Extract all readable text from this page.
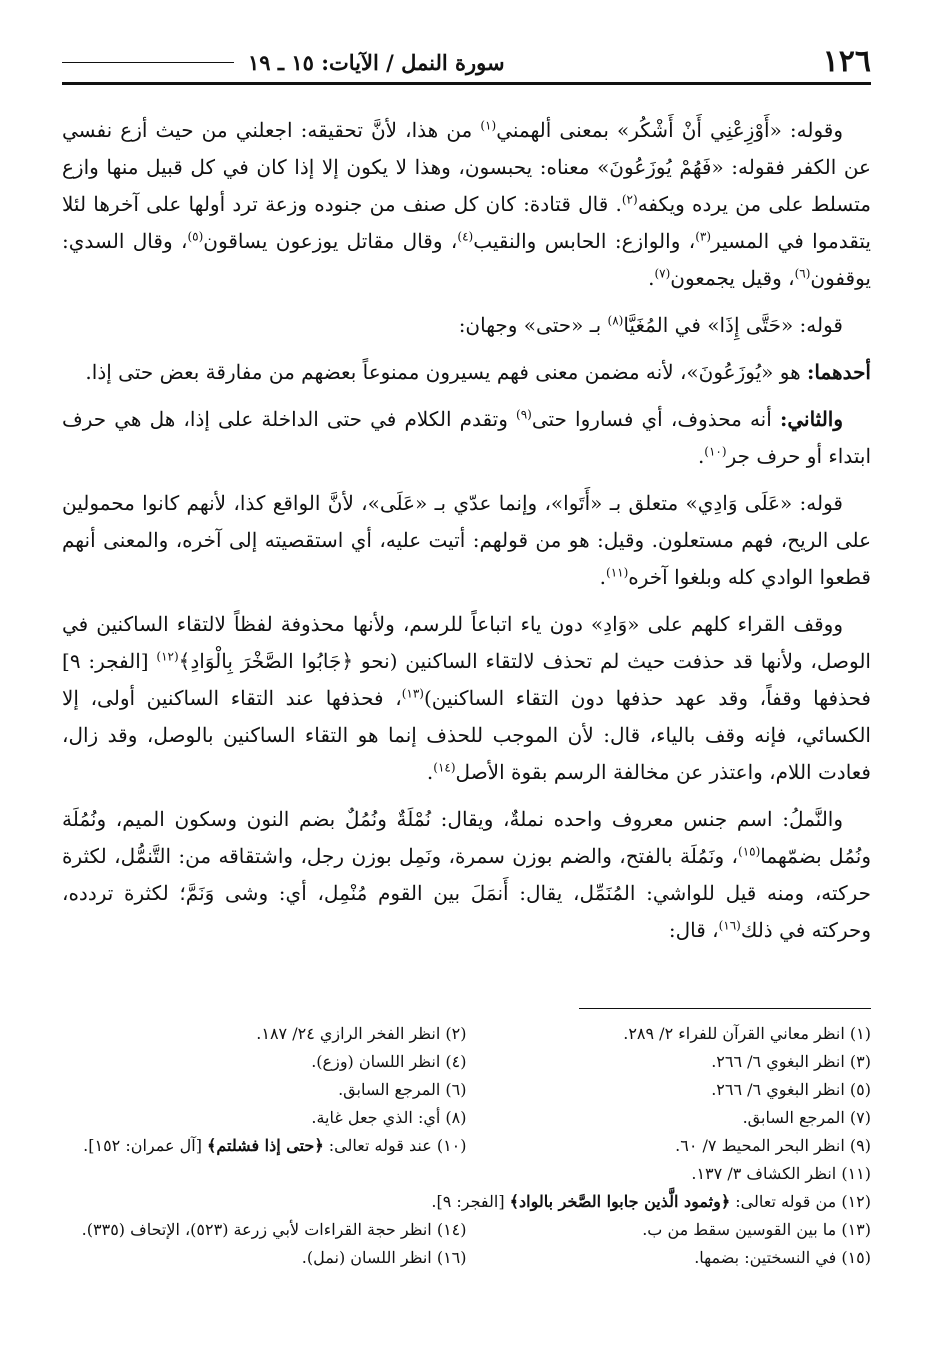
١٢٦
سورة النمل / الآيات: ١٥ ـ ١٩

وقوله: «أَوْزِعْنِي أَنْ أَشْكُر» بمعنى ألهمني$^{(١)}$ من هذا، لأنَّ تحقيقه: اجعلني من حيث أزع نفسي عن الكفر فقوله: «فَهُمْ يُوزَعُونَ» معناه: يحبسون، وهذا لا يكون إلا إذا كان في كل قبيل منها وازع متسلط على من يرده ويكفه$^{(٢)}$. قال قتادة: كان كل صنف من جنوده وزعة ترد أولها على آخرها لئلا يتقدموا في المسير$^{(٣)}$، والوازع: الحابس والنقيب$^{(٤)}$، وقال مقاتل يوزعون يساقون$^{(٥)}$، وقال السدي: يوقفون$^{(٦)}$، وقيل يجمعون$^{(٧)}$.

قوله: «حَتَّى إِذَا» في المُغَيَّا$^{(٨)}$ بـ «حتى» وجهان:

أحدهما: هو «يُوزَعُونَ»، لأنه مضمن معنى فهم يسيرون ممنوعاً بعضهم من مفارقة بعض حتى إذا.

والثاني: أنه محذوف، أي فساروا حتى$^{(٩)}$ وتقدم الكلام في حتى الداخلة على إذا، هل هي حرف ابتداء أو حرف جر$^{(١٠)}$.

قوله: «عَلَى وَادِي» متعلق بـ «أَتَوا»، وإنما عدّي بـ «عَلَى»، لأنَّ الواقع كذا، لأنهم كانوا محمولين على الريح، فهم مستعلون. وقيل: هو من قولهم: أتيت عليه، أي استقصيته إلى آخره، والمعنى أنهم قطعوا الوادي كله وبلغوا آخره$^{(١١)}$.

ووقف القراء كلهم على «وَادِ» دون ياء اتباعاً للرسم، ولأنها محذوفة لفظاً لالتقاء الساكنين في الوصل، ولأنها قد حذفت حيث لم تحذف لالتقاء الساكنين (نحو ﴿جَابُوا الصَّخْرَ بِالْوَادِ﴾$^{(١٢)}$ [الفجر: ٩] فحذفها وقفاً، وقد عهد حذفها دون التقاء الساكنين)$^{(١٣)}$، فحذفها عند التقاء الساكنين أولى، إلا الكسائي، فإنه وقف بالياء، قال: لأن الموجب للحذف إنما هو التقاء الساكنين بالوصل، وقد زال، فعادت اللام، واعتذر عن مخالفة الرسم بقوة الأصل$^{(١٤)}$.

والنَّملُ: اسم جنس معروف واحده نملةٌ، ويقال: نُمْلَةٌ ونُمُلٌ بضم النون وسكون الميم، ونُمُلَة ونُمُل بضمّهما$^{(١٥)}$، ونَمُلَة بالفتح، والضم بوزن سمرة، ونَمِل بوزن رجل، واشتقاقه من: التَّنمُّل، لكثرة حركته، ومنه قيل للواشي: المُنَمِّل، يقال: أَنمَلَ بين القوم مُنْمِل، أي: وشى وَنَمَّ؛ لكثرة تردده، وحركته في ذلك$^{(١٦)}$، قال:

(١) انظر معاني القرآن للفراء ٢/ ٢٨٩.
(٢) انظر الفخر الرازي ٢٤/ ١٨٧.
(٣) انظر البغوي ٦/ ٢٦٦.
(٤) انظر اللسان (وزع).
(٥) انظر البغوي ٦/ ٢٦٦.
(٦) المرجع السابق.
(٧) المرجع السابق.
(٨) أي: الذي جعل غاية.
(٩) انظر البحر المحيط ٧/ ٦٠.
(١٠) عند قوله تعالى: ﴿حتى إذا فشلتم﴾ [آل عمران: ١٥٢].
(١١) انظر الكشاف ٣/ ١٣٧.
(١٢) من قوله تعالى: ﴿وثمود الَّذين جابوا الصَّخر بالواد﴾ [الفجر: ٩].
(١٣) ما بين القوسين سقط من ب.
(١٤) انظر حجة القراءات لأبي زرعة (٥٢٣)، الإتحاف (٣٣٥).
(١٥) في النسختين: بضمها.
(١٦) انظر اللسان (نمل).
